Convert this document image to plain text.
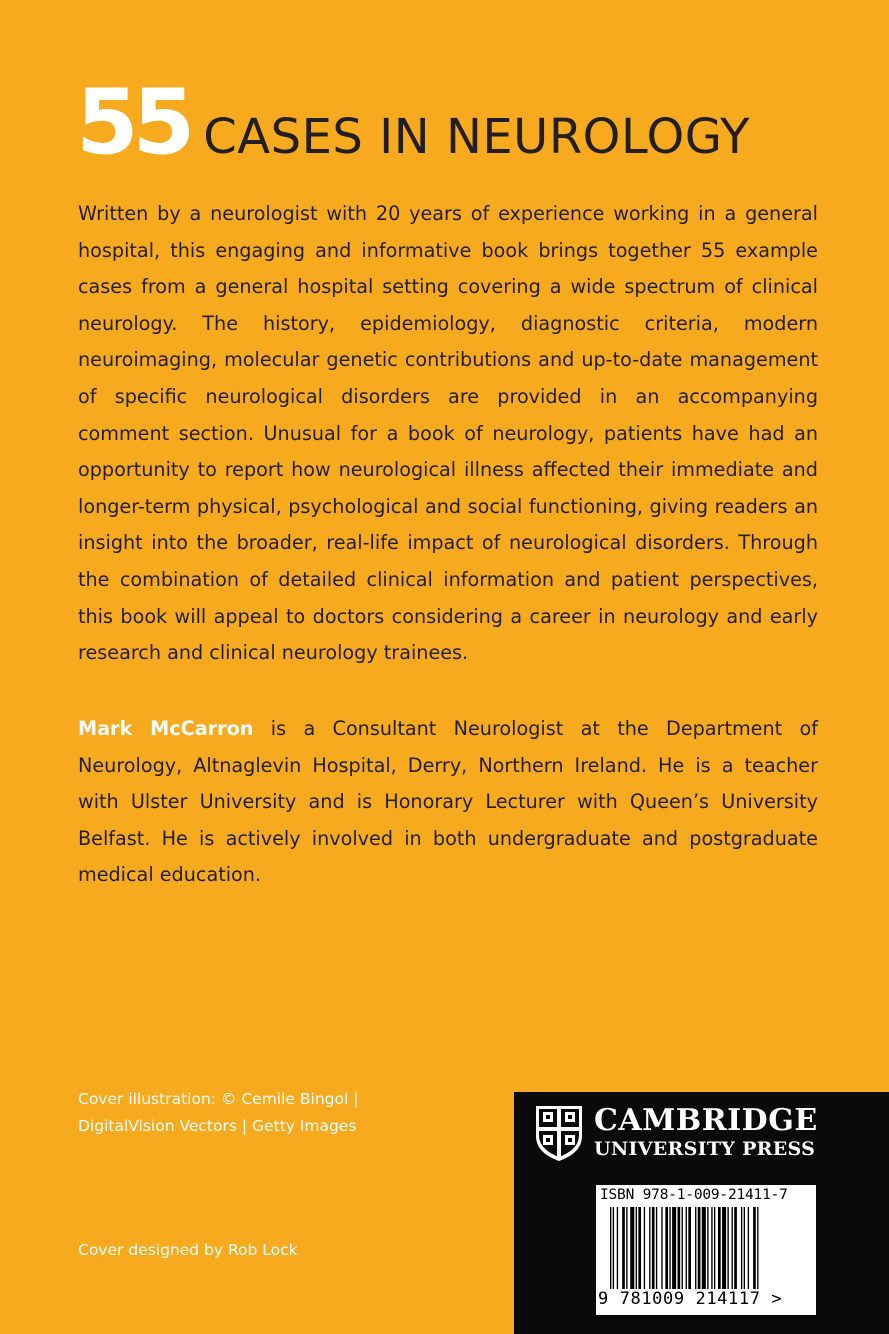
55 CASES IN NEUROLOGY

Written by a neurologist with 20 years of experience working in a general hospital, this engaging and informative book brings together 55 example cases from a general hospital setting covering a wide spectrum of clinical neurology. The history, epidemiology, diagnostic criteria, modern neuroimaging, molecular genetic contributions and up-to-date management of specific neurological disorders are provided in an accompanying comment section. Unusual for a book of neurology, patients have had an opportunity to report how neurological illness affected their immediate and longer-term physical, psychological and social functioning, giving readers an insight into the broader, real-life impact of neurological disorders. Through the combination of detailed clinical information and patient perspectives, this book will appeal to doctors considering a career in neurology and early research and clinical neurology trainees.

Mark McCarron is a Consultant Neurologist at the Department of Neurology, Altnaglevin Hospital, Derry, Northern Ireland. He is a teacher with Ulster University and is Honorary Lecturer with Queen’s University Belfast. He is actively involved in both undergraduate and postgraduate medical education.

Cover illustration: © Cemile Bingol | DigitalVision Vectors | Getty Images
Cover designed by Rob Lock
CAMBRIDGE
UNIVERSITY PRESS
ISBN 978-1-009-21411-7
9 781009 214117 >
